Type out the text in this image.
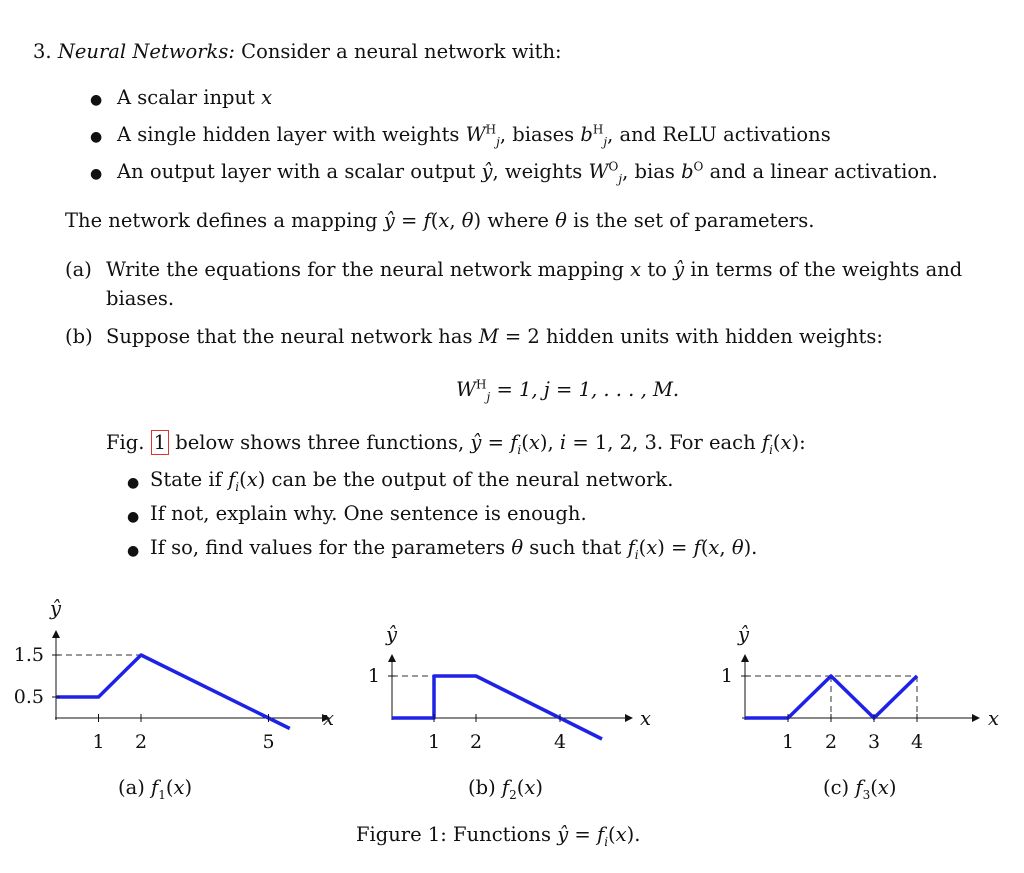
3. Neural Networks: Consider a neural network with:
● A scalar input x
● A single hidden layer with weights $W^H_j$, biases $b^H_j$, and ReLU activations
● An output layer with a scalar output ŷ, weights $W^O_j$, bias $b^O$ and a linear activation.
The network defines a mapping ŷ = f(x, θ) where θ is the set of parameters.
(a) Write the equations for the neural network mapping x to ŷ in terms of the weights and
biases.
(b) Suppose that the neural network has M = 2 hidden units with hidden weights:
$W^H_j = 1$, j = 1, . . . , M.
Fig. 1 below shows three functions, ŷ = $f_i(x)$, i = 1, 2, 3. For each $f_i(x)$:
● State if $f_i(x)$ can be the output of the neural network.
● If not, explain why. One sentence is enough.
● If so, find values for the parameters θ such that $f_i(x) = f(x$, θ).
1 2	5
1.5
0.5
1 2	4
1
1 2 3 4
1
ŷ
x
ŷ
x
ŷ
x
(a) $f_1(x)$	(b) $f_2(x)$	(c) $f_3(x)$
Figure 1: Functions ŷ = $f_i(x)$.
